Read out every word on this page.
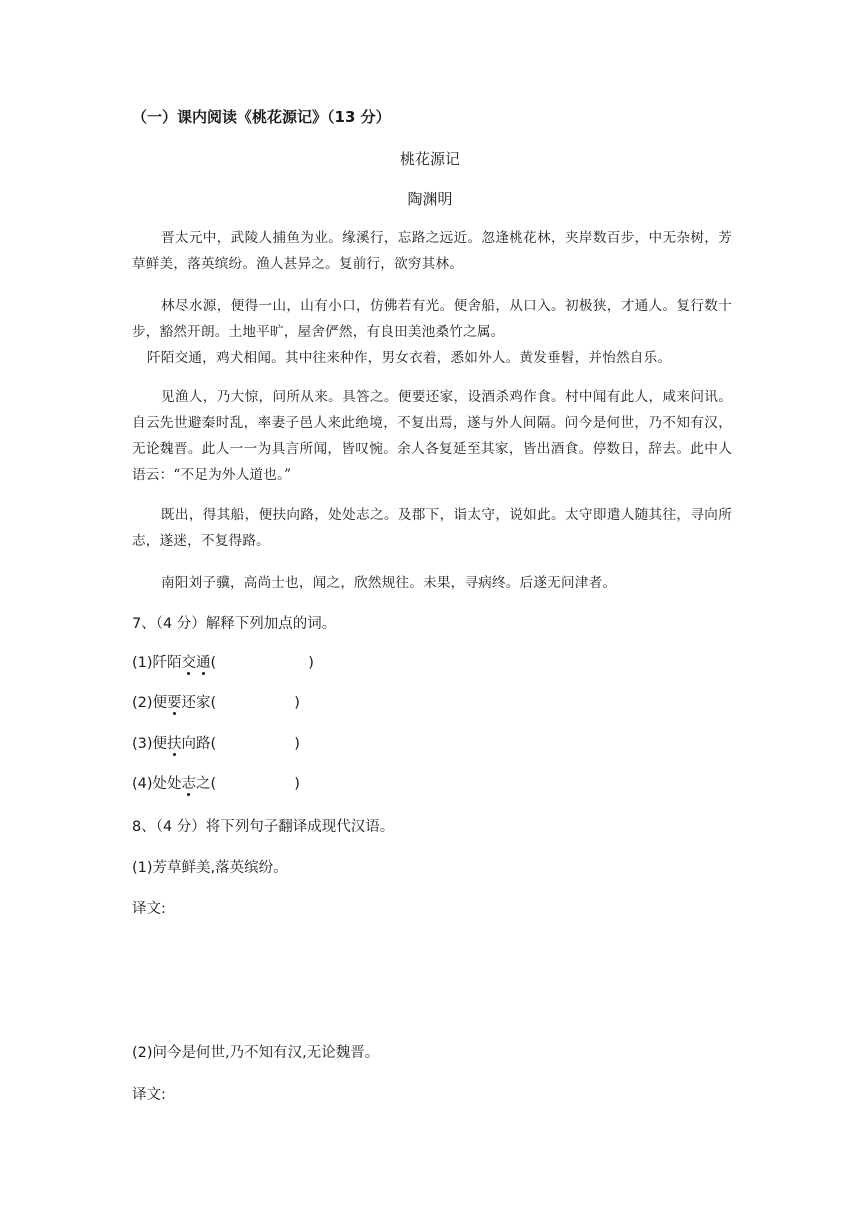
（一）课内阅读《桃花源记》（13 分）
桃花源记
陶渊明
晋太元中，武陵人捕鱼为业。缘溪行，忘路之远近。忽逢桃花林，夹岸数百步，中无杂树，芳草鲜美，落英缤纷。渔人甚异之。复前行，欲穷其林。
林尽水源，便得一山，山有小口，仿佛若有光。便舍船，从口入。初极狭，才通人。复行数十步，豁然开朗。土地平旷，屋舍俨然，有良田美池桑竹之属。
阡陌交通，鸡犬相闻。其中往来种作，男女衣着，悉如外人。黄发垂髫，并怡然自乐。
见渔人，乃大惊，问所从来。具答之。便要还家，设酒杀鸡作食。村中闻有此人，咸来问讯。自云先世避秦时乱，率妻子邑人来此绝境，不复出焉，遂与外人间隔。问今是何世，乃不知有汉，无论魏晋。此人一一为具言所闻，皆叹惋。余人各复延至其家，皆出酒食。停数日，辞去。此中人语云：“不足为外人道也。”
既出，得其船，便扶向路，处处志之。及郡下，诣太守，说如此。太守即遣人随其往，寻向所志，遂迷，不复得路。
南阳刘子骥，高尚士也，闻之，欣然规往。未果，寻病终。后遂无问津者。
7、（4 分）解释下列加点的词。
(1)阡陌交通(	)
(2)便要还家(	)
(3)便扶向路(	)
(4)处处志之(	)
8、（4 分）将下列句子翻译成现代汉语。
(1)芳草鲜美,落英缤纷。
译文:
(2)问今是何世,乃不知有汉,无论魏晋。
译文:
